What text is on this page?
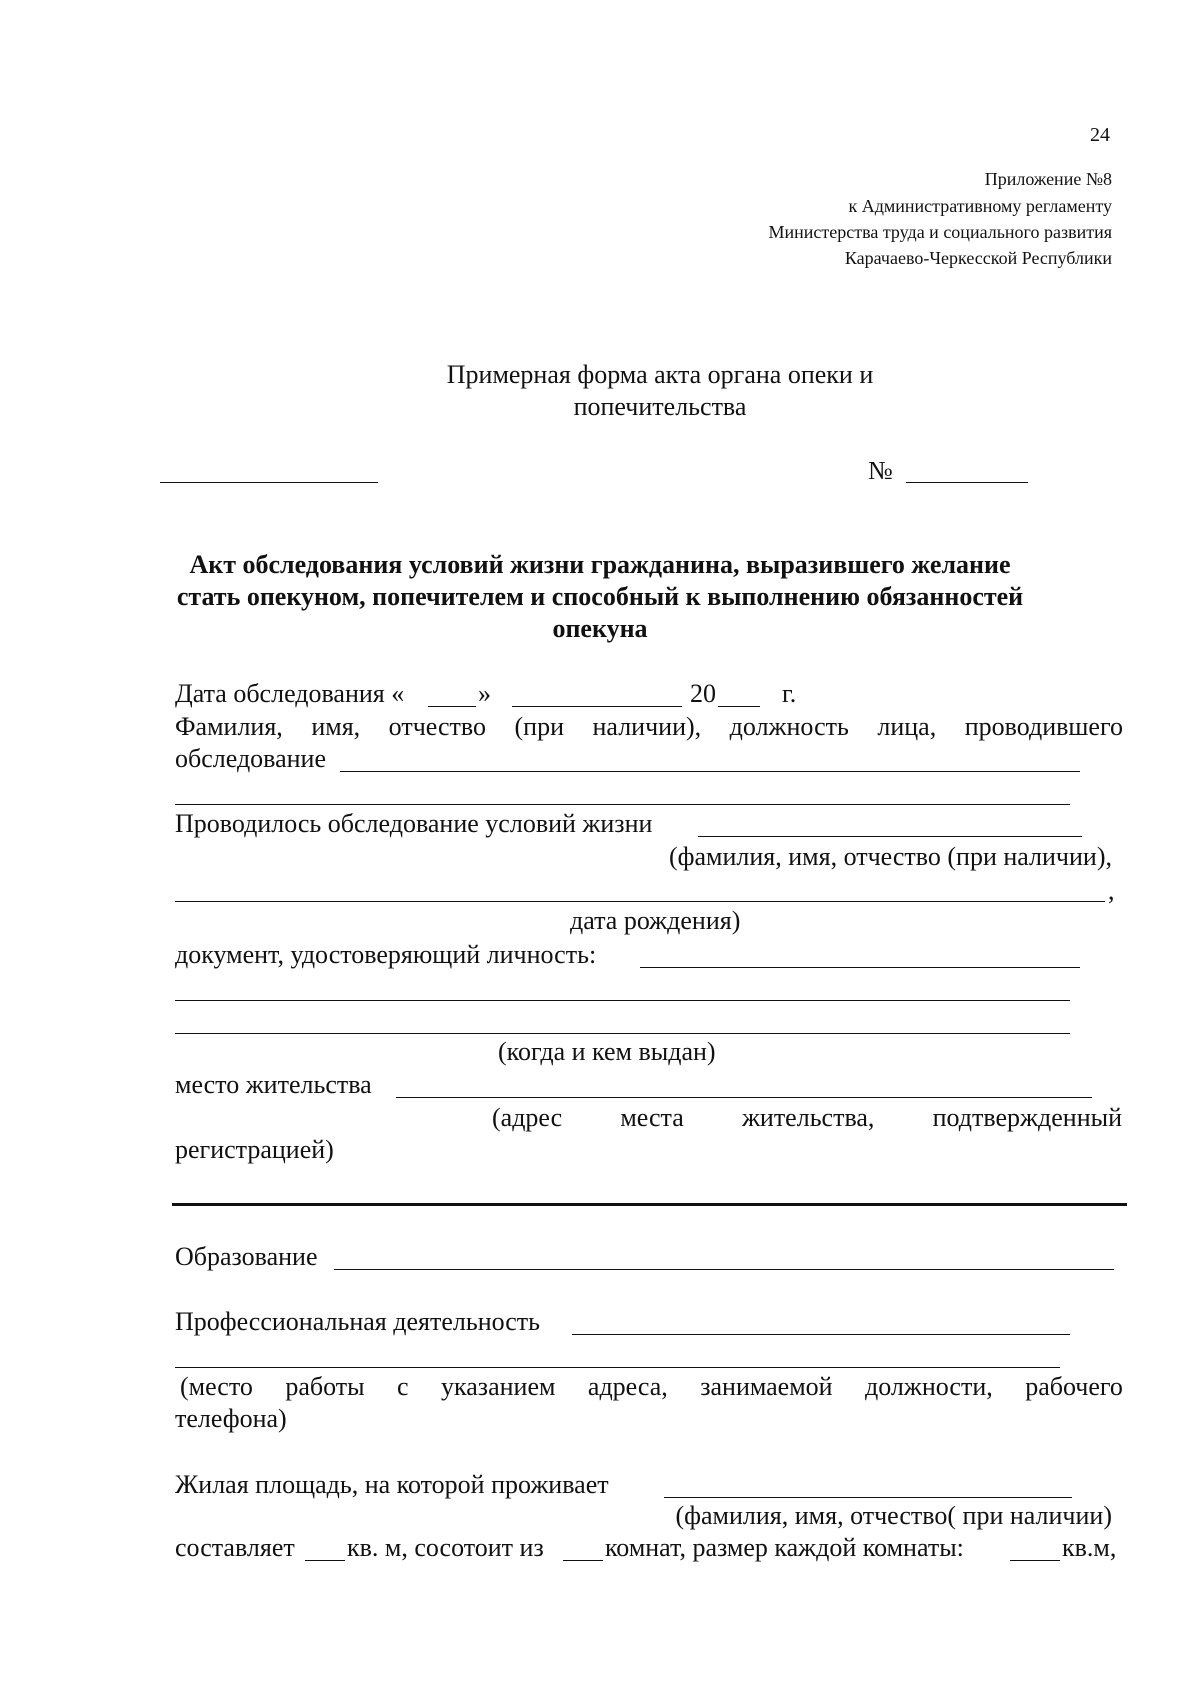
24
Приложение №8
к Административному регламенту
Министерства труда и социального развития
Карачаево-Черкесской Республики
Примерная форма акта органа опеки и
попечительства
№
Акт обследования условий жизни гражданина, выразившего желание
стать опекуном, попечителем и способный к выполнению обязанностей
опекуна
Дата обследования «	»	20	г.
Фамилия, имя, отчество (при наличии), должность лица, проводившего
обследование
Проводилось обследование условий жизни
(фамилия, имя, отчество (при наличии),
,
дата рождения)
документ, удостоверяющий личность:
(когда и кем выдан)
место жительства
(адрес места жительства, подтвержденный
регистрацией)
Образование
Профессиональная деятельность
(место работы с указанием адреса, занимаемой должности, рабочего
телефона)
Жилая площадь, на которой проживает
(фамилия, имя, отчество( при наличии)
составляет кв. м, сосотоит из комнат, размер каждой комнаты:	кв.м,
